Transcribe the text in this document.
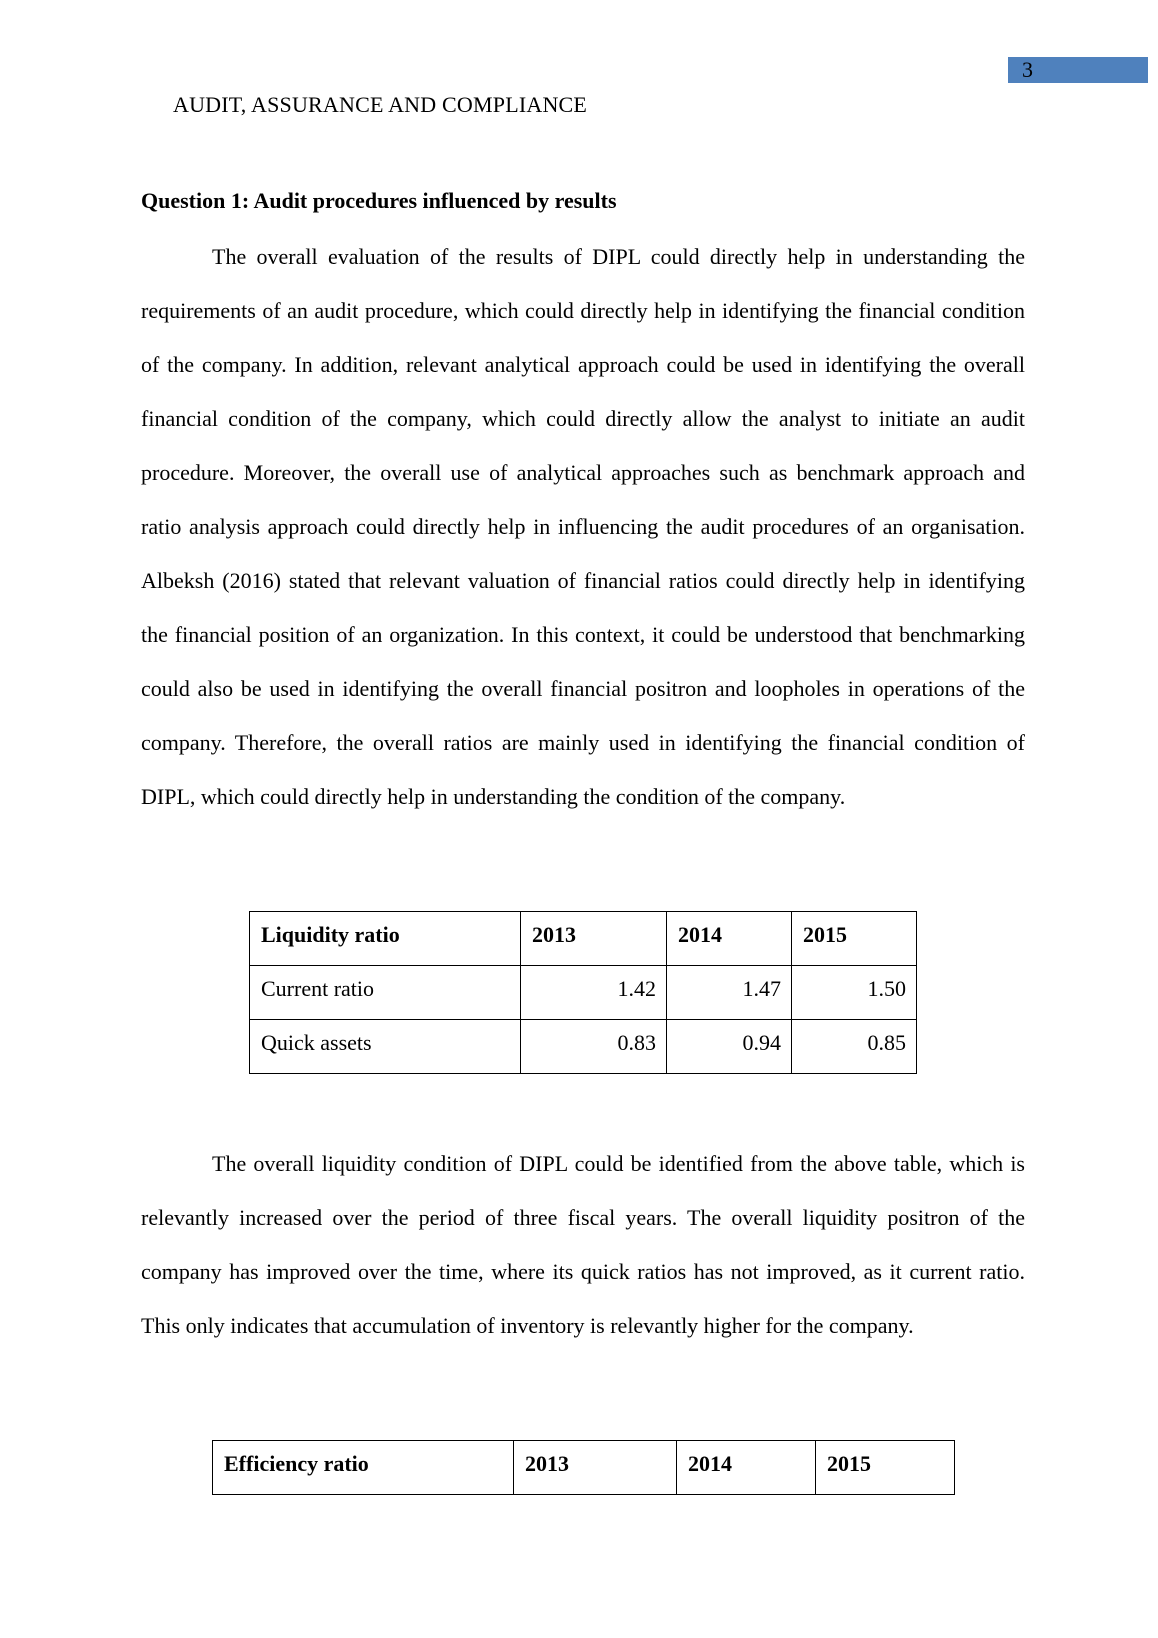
3
AUDIT, ASSURANCE AND COMPLIANCE
Question 1: Audit procedures influenced by results

The overall evaluation of the results of DIPL could directly help in understanding the requirements of an audit procedure, which could directly help in identifying the financial condition of the company. In addition, relevant analytical approach could be used in identifying the overall financial condition of the company, which could directly allow the analyst to initiate an audit procedure. Moreover, the overall use of analytical approaches such as benchmark approach and ratio analysis approach could directly help in influencing the audit procedures of an organisation. Albeksh (2016) stated that relevant valuation of financial ratios could directly help in identifying the financial position of an organization. In this context, it could be understood that benchmarking could also be used in identifying the overall financial positron and loopholes in operations of the company. Therefore, the overall ratios are mainly used in identifying the financial condition of DIPL, which could directly help in understanding the condition of the company.

Liquidity ratio	2013	2014	2015
Current ratio	1.42	1.47	1.50
Quick assets	0.83	0.94	0.85

The overall liquidity condition of DIPL could be identified from the above table, which is relevantly increased over the period of three fiscal years. The overall liquidity positron of the company has improved over the time, where its quick ratios has not improved, as it current ratio. This only indicates that accumulation of inventory is relevantly higher for the company.

Efficiency ratio	2013	2014	2015
